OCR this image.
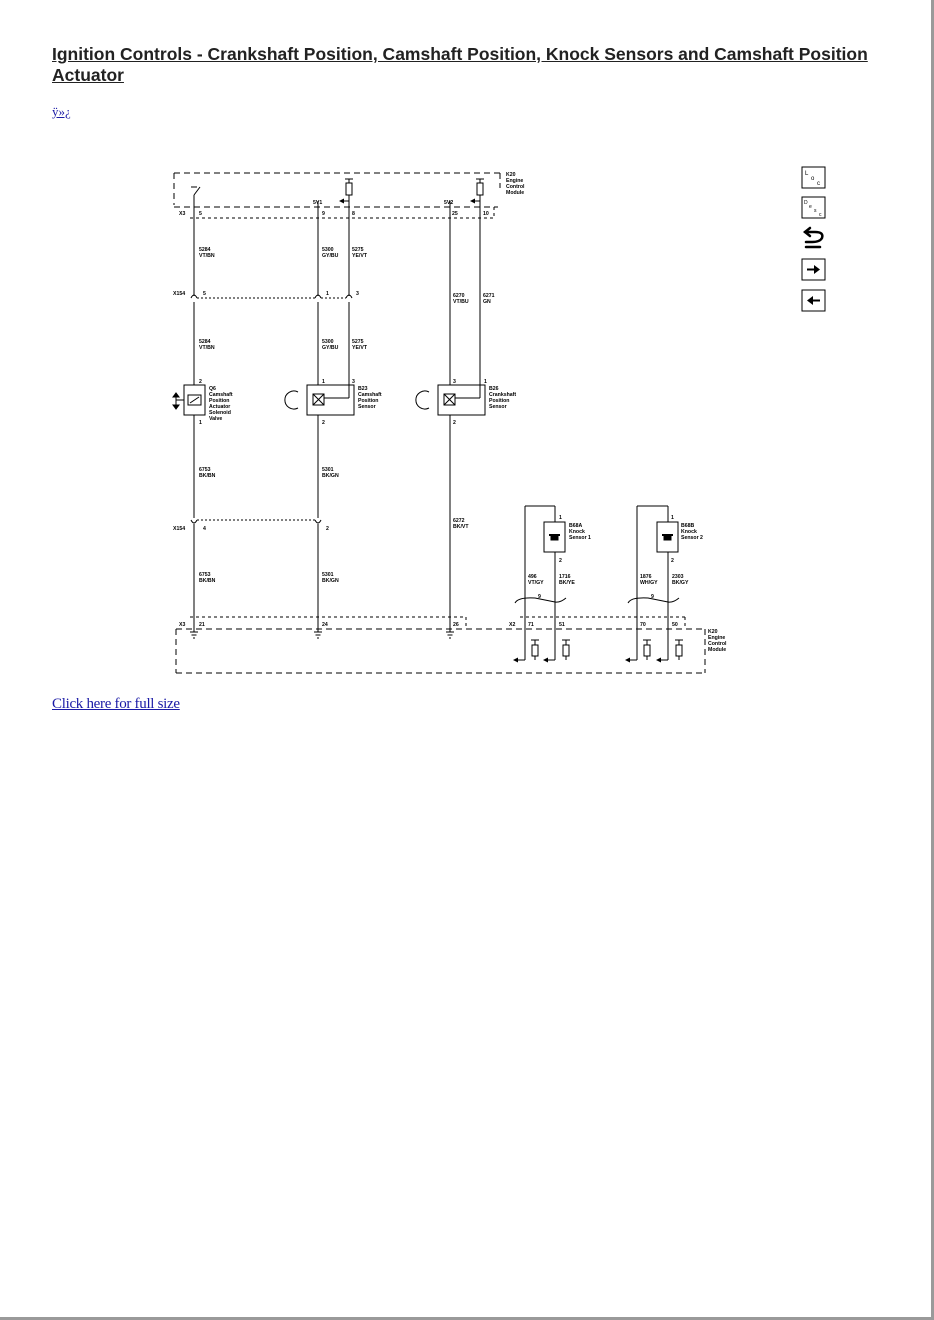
Ignition Controls - Crankshaft Position, Camshaft Position, Knock Sensors and Camshaft Position Actuator
ÿ»¿
K20
Engine
Control
Module
5V1	5V2
X3	5	9	8	25	10
X154	5	1	3
X154	4	2
5284
VT/BN
5300
GY/BU
5275
YE/VT
5284
VT/BN
5300
GY/BU
5275
YE/VT
6270
VT/BU
6271
GN
6753
BK/BN
5301
BK/GN
6753
BK/BN
5301
BK/GN
6272
BK/VT
496
VT/GY
1716
BK/YE
1876
WH/GY
2303
BK/GY
2
1
Q6
Camshaft
Position
Actuator
Solenoid
Valve
1	3
2
B23
Camshaft
Position
Sensor
3	1
2
B26
Crankshaft
Position
Sensor
1
2
B68A
Knock
Sensor 1
1
2
B68B
Knock
Sensor 2
9	9
K20
Engine
Control
Module
X3	21	24	26	X2 71	51	70	50
L
o
c
D
e
s
c
Click here for full size
